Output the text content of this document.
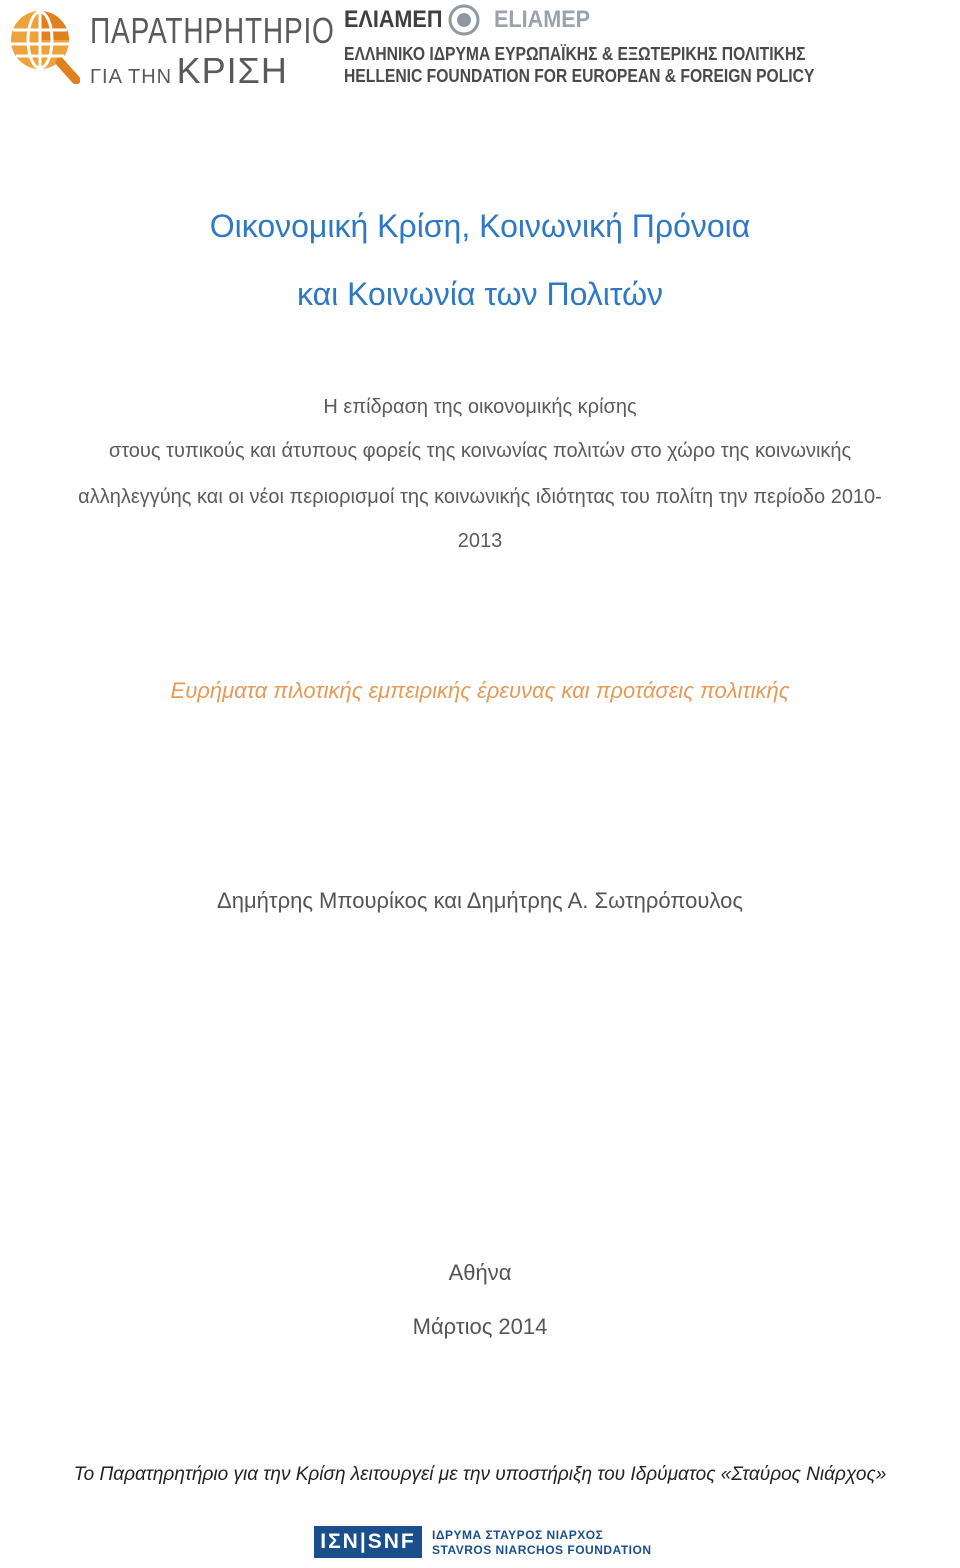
ΠΑΡΑΤΗΡΗΤΗΡΙΟ
ΓΙΑ ΤΗΝ ΚΡΙΣΗ
ΕΛΙΑΜΕΠ ELIAMEP
ΕΛΛΗΝΙΚΟ ΙΔΡΥΜΑ ΕΥΡΩΠΑΪΚΗΣ & ΕΞΩΤΕΡΙΚΗΣ ΠΟΛΙΤΙΚΗΣ
HELLENIC FOUNDATION FOR EUROPEAN & FOREIGN POLICY
Οικονομική Κρίση, Κοινωνική Πρόνοια
και Κοινωνία των Πολιτών
Η επίδραση της οικονομικής κρίσης
στους τυπικούς και άτυπους φορείς της κοινωνίας πολιτών στο χώρο της κοινωνικής
αλληλεγγύης και οι νέοι περιορισμοί της κοινωνικής ιδιότητας του πολίτη την περίοδο 2010-
2013
Ευρήματα πιλοτικής εμπειρικής έρευνας και προτάσεις πολιτικής
Δημήτρης Μπουρίκος και Δημήτρης Α. Σωτηρόπουλος
Αθήνα
Μάρτιος 2014
Το Παρατηρητήριο για την Κρίση λειτουργεί με την υποστήριξη του Ιδρύματος «Σταύρος Νιάρχος»
ΙΣΝ|SNF	ΙΔΡΥΜΑ ΣΤΑΥΡΟΣ ΝΙΑΡΧΟΣ
STAVROS NIARCHOS FOUNDATION
